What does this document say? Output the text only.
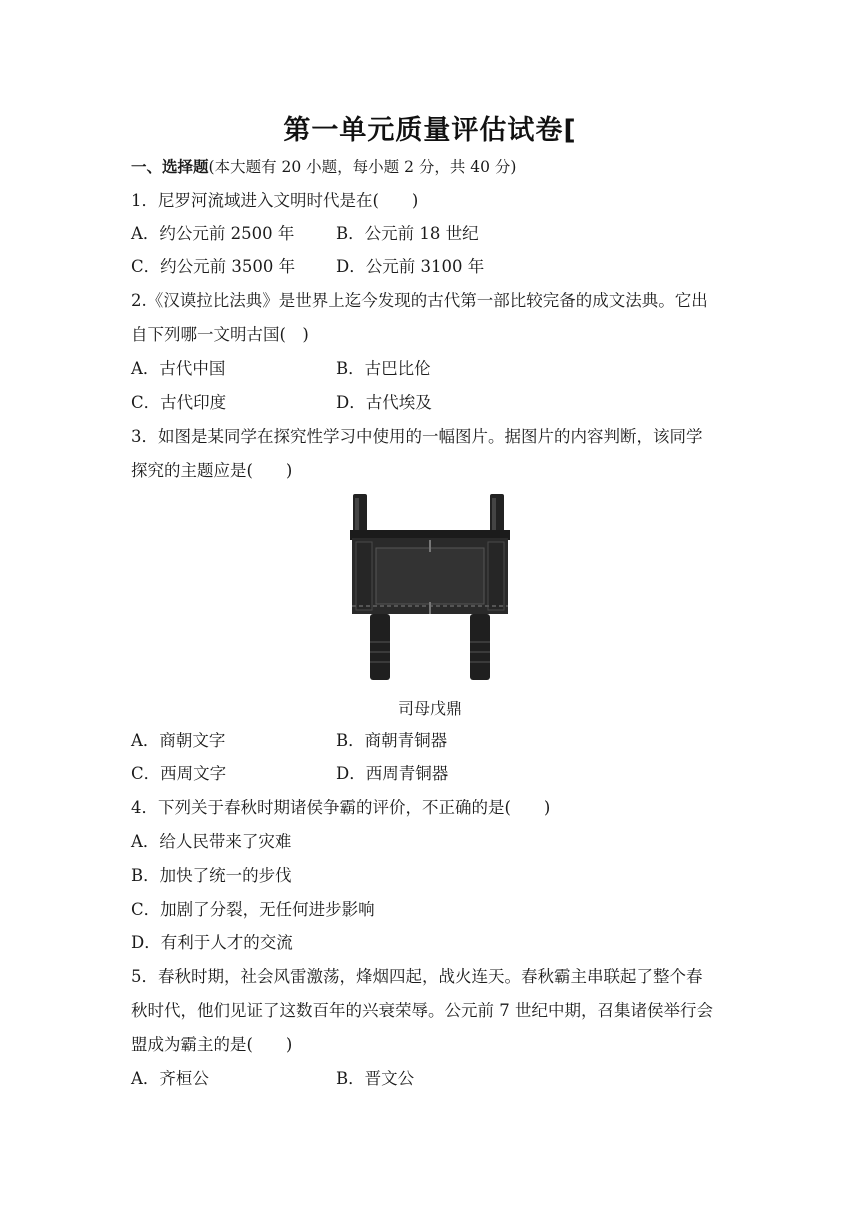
第一单元质量评估试卷[
一、选择题(本大题有 20 小题，每小题 2 分，共 40 分)
1．尼罗河流域进入文明时代是在(　　)
A．约公元前 2500 年	B．公元前 18 世纪
C．约公元前 3500 年 D．公元前 3100 年
2.《汉谟拉比法典》是世界上迄今发现的古代第一部比较完备的成文法典。它出
自下列哪一文明古国(　)
A．古代中国	B．古巴比伦
C．古代印度	D．古代埃及
3．如图是某同学在探究性学习中使用的一幅图片。据图片的内容判断，该同学
探究的主题应是(　　)
司母戊鼎
A．商朝文字	B．商朝青铜器
C．西周文字	D．西周青铜器
4．下列关于春秋时期诸侯争霸的评价，不正确的是(　　)
A．给人民带来了灾难
B．加快了统一的步伐
C．加剧了分裂，无任何进步影响
D．有利于人才的交流
5．春秋时期，社会风雷激荡，烽烟四起，战火连天。春秋霸主串联起了整个春
秋时代，他们见证了这数百年的兴衰荣辱。公元前 7 世纪中期，召集诸侯举行会
盟成为霸主的是(　　)
A．齐桓公	B．晋文公
